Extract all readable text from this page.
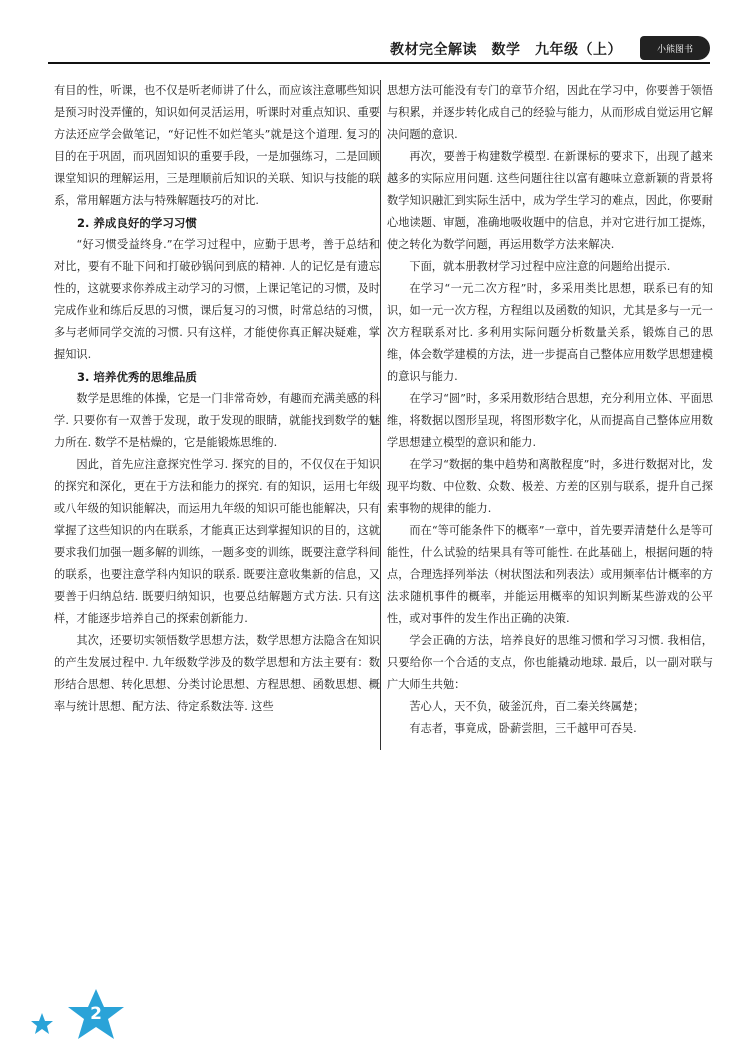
教材完全解读　数学　九年级（上）	小熊图书

有目的性，听课，也不仅是听老师讲了什么，而应该注意哪些知识是预习时没弄懂的，知识如何灵活运用，听课时对重点知识、重要方法还应学会做笔记，“好记性不如烂笔头”就是这个道理. 复习的目的在于巩固，而巩固知识的重要手段，一是加强练习，二是回顾课堂知识的理解运用，三是理顺前后知识的关联、知识与技能的联系，常用解题方法与特殊解题技巧的对比.

2. 养成良好的学习习惯

“好习惯受益终身.”在学习过程中，应勤于思考，善于总结和对比，要有不耻下问和打破砂锅问到底的精神. 人的记忆是有遗忘性的，这就要求你养成主动学习的习惯，上课记笔记的习惯，及时完成作业和练后反思的习惯，课后复习的习惯，时常总结的习惯，多与老师同学交流的习惯. 只有这样，才能使你真正解决疑难，掌握知识.

3. 培养优秀的思维品质

数学是思维的体操，它是一门非常奇妙，有趣而充满美感的科学. 只要你有一双善于发现，敢于发现的眼睛，就能找到数学的魅力所在. 数学不是枯燥的，它是能锻炼思维的.

因此，首先应注意探究性学习. 探究的目的，不仅仅在于知识的探究和深化，更在于方法和能力的探究. 有的知识，运用七年级或八年级的知识能解决，而运用九年级的知识可能也能解决，只有掌握了这些知识的内在联系，才能真正达到掌握知识的目的，这就要求我们加强一题多解的训练，一题多变的训练，既要注意学科间的联系，也要注意学科内知识的联系. 既要注意收集新的信息，又要善于归纳总结. 既要归纳知识，也要总结解题方式方法. 只有这样，才能逐步培养自己的探索创新能力.

其次，还要切实领悟数学思想方法，数学思想方法隐含在知识的产生发展过程中. 九年级数学涉及的数学思想和方法主要有：数形结合思想、转化思想、分类讨论思想、方程思想、函数思想、概率与统计思想、配方法、待定系数法等. 这些

思想方法可能没有专门的章节介绍，因此在学习中，你要善于领悟与积累，并逐步转化成自己的经验与能力，从而形成自觉运用它解决问题的意识.

再次，要善于构建数学模型. 在新课标的要求下，出现了越来越多的实际应用问题. 这些问题往往以富有趣味立意新颖的背景将数学知识融汇到实际生活中，成为学生学习的难点，因此，你要耐心地读题、审题，准确地吸收题中的信息，并对它进行加工提炼，使之转化为数学问题，再运用数学方法来解决.

下面，就本册教材学习过程中应注意的问题给出提示.

在学习“一元二次方程”时，多采用类比思想，联系已有的知识，如一元一次方程，方程组以及函数的知识，尤其是多与一元一次方程联系对比. 多利用实际问题分析数量关系，锻炼自己的思维，体会数学建模的方法，进一步提高自己整体应用数学思想建模的意识与能力.

在学习“圆”时，多采用数形结合思想，充分利用立体、平面思维，将数据以图形呈现，将图形数字化，从而提高自己整体应用数学思想建立模型的意识和能力.

在学习“数据的集中趋势和离散程度”时，多进行数据对比，发现平均数、中位数、众数、极差、方差的区别与联系，提升自己探索事物的规律的能力.

而在“等可能条件下的概率”一章中，首先要弄清楚什么是等可能性，什么试验的结果具有等可能性. 在此基础上，根据问题的特点，合理选择列举法（树状图法和列表法）或用频率估计概率的方法求随机事件的概率，并能运用概率的知识判断某些游戏的公平性，或对事件的发生作出正确的决策.

学会正确的方法，培养良好的思维习惯和学习习惯. 我相信，只要给你一个合适的支点，你也能撬动地球. 最后，以一副对联与广大师生共勉：

苦心人，天不负，破釜沉舟，百二秦关终属楚；

有志者，事竟成，卧薪尝胆，三千越甲可吞吴.

2
